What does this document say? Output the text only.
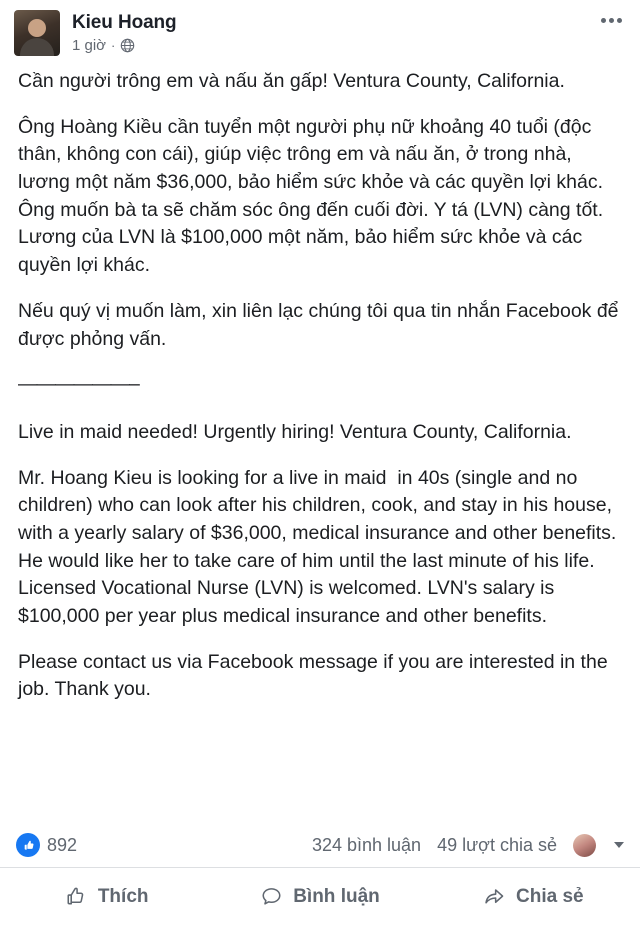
Kieu Hoang
1 giờ ·

Cần người trông em và nấu ăn gấp! Ventura County, California.

Ông Hoàng Kiều cần tuyển một người phụ nữ khoảng 40 tuổi (độc thân, không con cái), giúp việc trông em và nấu ăn, ở trong nhà, lương một năm $36,000, bảo hiểm sức khỏe và các quyền lợi khác. Ông muốn bà ta sẽ chăm sóc ông đến cuối đời. Y tá (LVN) càng tốt. Lương của LVN là $100,000 một năm, bảo hiểm sức khỏe và các quyền lợi khác.

Nếu quý vị muốn làm, xin liên lạc chúng tôi qua tin nhắn Facebook để được phỏng vấn.

——————–

Live in maid needed! Urgently hiring! Ventura County, California.

Mr. Hoang Kieu is looking for a live in maid  in 40s (single and no children) who can look after his children, cook, and stay in his house, with a yearly salary of $36,000, medical insurance and other benefits. He would like her to take care of him until the last minute of his life. Licensed Vocational Nurse (LVN) is welcomed. LVN's salary is $100,000 per year plus medical insurance and other benefits.

Please contact us via Facebook message if you are interested in the job. Thank you.

892	324 bình luận 49 lượt chia sẻ
Thích	Bình luận	Chia sẻ
